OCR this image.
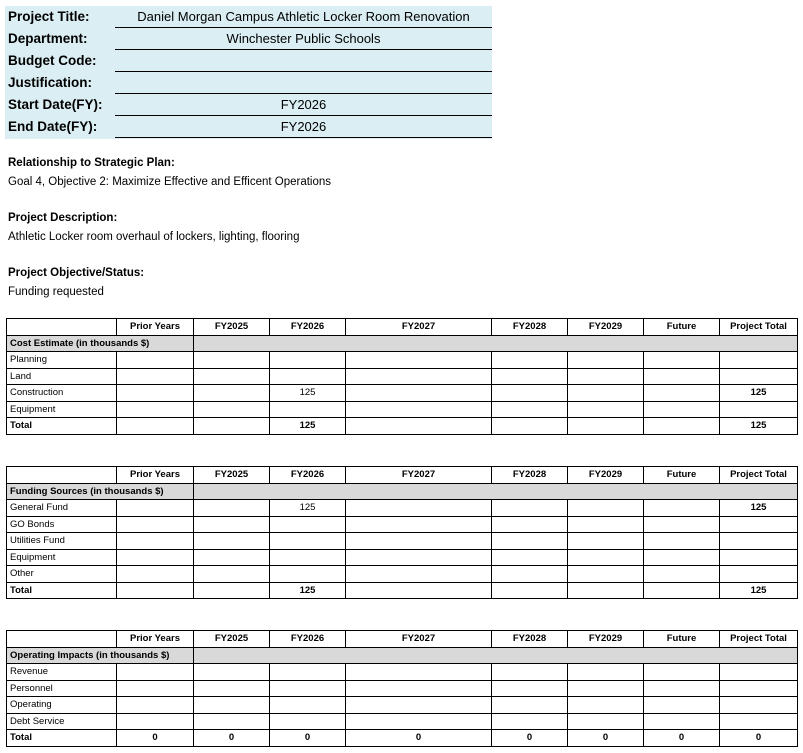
Project Title:	Daniel Morgan Campus Athletic Locker Room Renovation
Department:	Winchester Public Schools
Budget Code:
Justification:
Start Date(FY):	FY2026
End Date(FY):	FY2026
Relationship to Strategic Plan:
Goal 4, Objective 2: Maximize Effective and Efficent Operations
Project Description:
Athletic Locker room overhaul of lockers, lighting, flooring
Project Objective/Status:
Funding requested
	Prior Years	FY2025	FY2026	FY2027	FY2028	FY2029	Future	Project Total
Cost Estimate (in thousands $)								
Planning								
Land								
Construction			125					125
Equipment								
Total			125					125
	Prior Years	FY2025	FY2026	FY2027	FY2028	FY2029	Future	Project Total
Funding Sources (in thousands $)								
General Fund			125					125
GO Bonds								
Utilities Fund								
Equipment								
Other								
Total			125					125
	Prior Years	FY2025	FY2026	FY2027	FY2028	FY2029	Future	Project Total
Operating Impacts (in thousands $)								
Revenue								
Personnel								
Operating								
Debt Service								
Total	0	0	0	0	0	0	0	0
